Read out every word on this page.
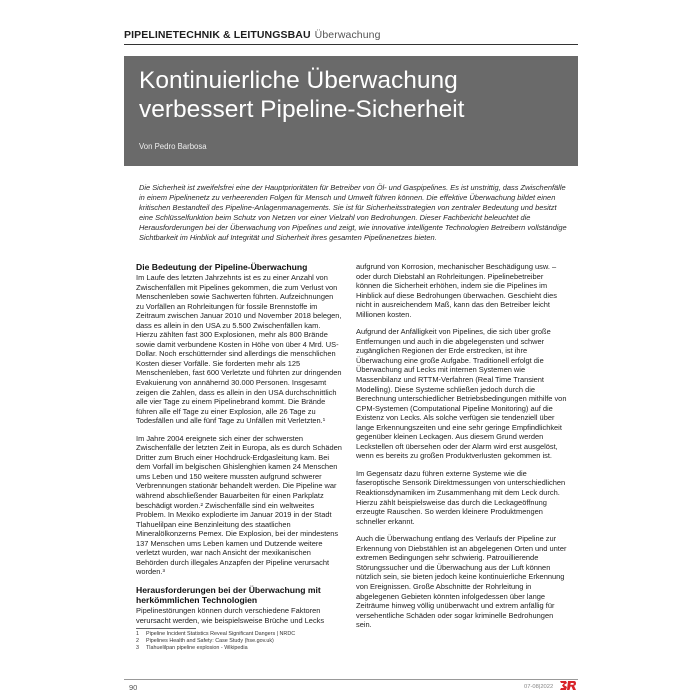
PIPELINETECHNIK & LEITUNGSBAU Überwachung
Kontinuierliche Überwachung
verbessert Pipeline-Sicherheit
Von Pedro Barbosa
Die Sicherheit ist zweifelsfrei eine der Hauptprioritäten für Betreiber von Öl- und Gaspipelines. Es ist unstrittig, dass Zwischenfälle in einem Pipelinenetz zu verheerenden Folgen für Mensch und Umwelt führen können. Die effektive Überwachung bildet einen kritischen Bestandteil des Pipeline-Anlagenmanagements. Sie ist für Sicherheitsstrategien von zentraler Bedeutung und besitzt eine Schlüsselfunktion beim Schutz von Netzen vor einer Vielzahl von Bedrohungen. Dieser Fachbericht beleuchtet die Herausforderungen bei der Überwachung von Pipelines und zeigt, wie innovative intelligente Technologien Betreibern vollständige Sichtbarkeit im Hinblick auf Integrität und Sicherheit ihres gesamten Pipelinenetzes bieten.
Die Bedeutung der Pipeline-Überwachung

Im Laufe des letzten Jahrzehnts ist es zu einer Anzahl von Zwischenfällen mit Pipelines gekommen, die zum Verlust von Menschenleben sowie Sachwerten führten. Aufzeichnungen zu Vorfällen an Rohrleitungen für fossile Brennstoffe im Zeitraum zwischen Januar 2010 und November 2018 belegen, dass es allein in den USA zu 5.500 Zwischenfällen kam. Hierzu zählten fast 300 Explosionen, mehr als 800 Brände sowie damit verbundene Kosten in Höhe von über 4 Mrd. US-Dollar. Noch erschütternder sind allerdings die menschlichen Kosten dieser Vorfälle. Sie forderten mehr als 125 Menschenleben, fast 600 Verletzte und führten zur dringenden Evakuierung von annähernd 30.000 Personen. Insgesamt zeigen die Zahlen, dass es allein in den USA durchschnittlich alle vier Tage zu einem Pipelinebrand kommt. Die Brände führen alle elf Tage zu einer Explosion, alle 26 Tage zu Todesfällen und alle fünf Tage zu Unfällen mit Verletzten.¹

Im Jahre 2004 ereignete sich einer der schwersten Zwischenfälle der letzten Zeit in Europa, als es durch Schäden Dritter zum Bruch einer Hochdruck-Erdgasleitung kam. Bei dem Vorfall im belgischen Ghislenghien kamen 24 Menschen ums Leben und 150 weitere mussten aufgrund schwerer Verbrennungen stationär behandelt werden. Die Pipeline war während abschließender Bauarbeiten für einen Parkplatz beschädigt worden.² Zwischenfälle sind ein weltweites Problem. In Mexiko explodierte im Januar 2019 in der Stadt Tlahuelilpan eine Benzinleitung des staatlichen Mineralölkonzerns Pemex. Die Explosion, bei der mindestens 137 Menschen ums Leben kamen und Dutzende weitere verletzt wurden, war nach Ansicht der mexikanischen Behörden durch illegales Anzapfen der Pipeline verursacht worden.³

Herausforderungen bei der Überwachung mit herkömmlichen Technologien

Pipelinestörungen können durch verschiedene Faktoren verursacht werden, wie beispielsweise Brüche und Lecks

aufgrund von Korrosion, mechanischer Beschädigung usw. – oder durch Diebstahl an Rohrleitungen. Pipelinebetreiber können die Sicherheit erhöhen, indem sie die Pipelines im Hinblick auf diese Bedrohungen überwachen. Geschieht dies nicht in ausreichendem Maß, kann das den Betreiber leicht Millionen kosten.

Aufgrund der Anfälligkeit von Pipelines, die sich über große Entfernungen und auch in die abgelegensten und schwer zugänglichen Regionen der Erde erstrecken, ist ihre Überwachung eine große Aufgabe. Traditionell erfolgt die Überwachung auf Lecks mit internen Systemen wie Massenbilanz und RTTM-Verfahren (Real Time Transient Modelling). Diese Systeme schließen jedoch durch die Berechnung unterschiedlicher Betriebsbedingungen mithilfe von CPM-Systemen (Computational Pipeline Monitoring) auf die Existenz von Lecks. Als solche verfügen sie tendenziell über lange Erkennungszeiten und eine sehr geringe Empfindlichkeit gegenüber kleinen Leckagen. Aus diesem Grund werden Leckstellen oft übersehen oder der Alarm wird erst ausgelöst, wenn es bereits zu großen Produktverlusten gekommen ist.

Im Gegensatz dazu führen externe Systeme wie die faseroptische Sensorik Direktmessungen von unterschiedlichen Reaktionsdynamiken im Zusammenhang mit dem Leck durch. Hierzu zählt beispielsweise das durch die Leckageöffnung erzeugte Rauschen. So werden kleinere Produktmengen schneller erkannt.

Auch die Überwachung entlang des Verlaufs der Pipeline zur Erkennung von Diebstählen ist an abgelegenen Orten und unter extremen Bedingungen sehr schwierig. Patrouillierende Störungssucher und die Überwachung aus der Luft können nützlich sein, sie bieten jedoch keine kontinuierliche Erkennung von Ereignissen. Große Abschnitte der Rohrleitung in abgelegenen Gebieten könnten infolgedessen über lange Zeiträume hinweg völlig unüberwacht und extrem anfällig für versehentliche Schäden oder sogar kriminelle Bedrohungen sein.

1	Pipeline Incident Statistics Reveal Significant Dangers | NRDC
2	Pipelines Health and Safety: Case Study (hse.gov.uk)
3	Tlahuelilpan pipeline explosion - Wikipedia
90	07-08|2022
